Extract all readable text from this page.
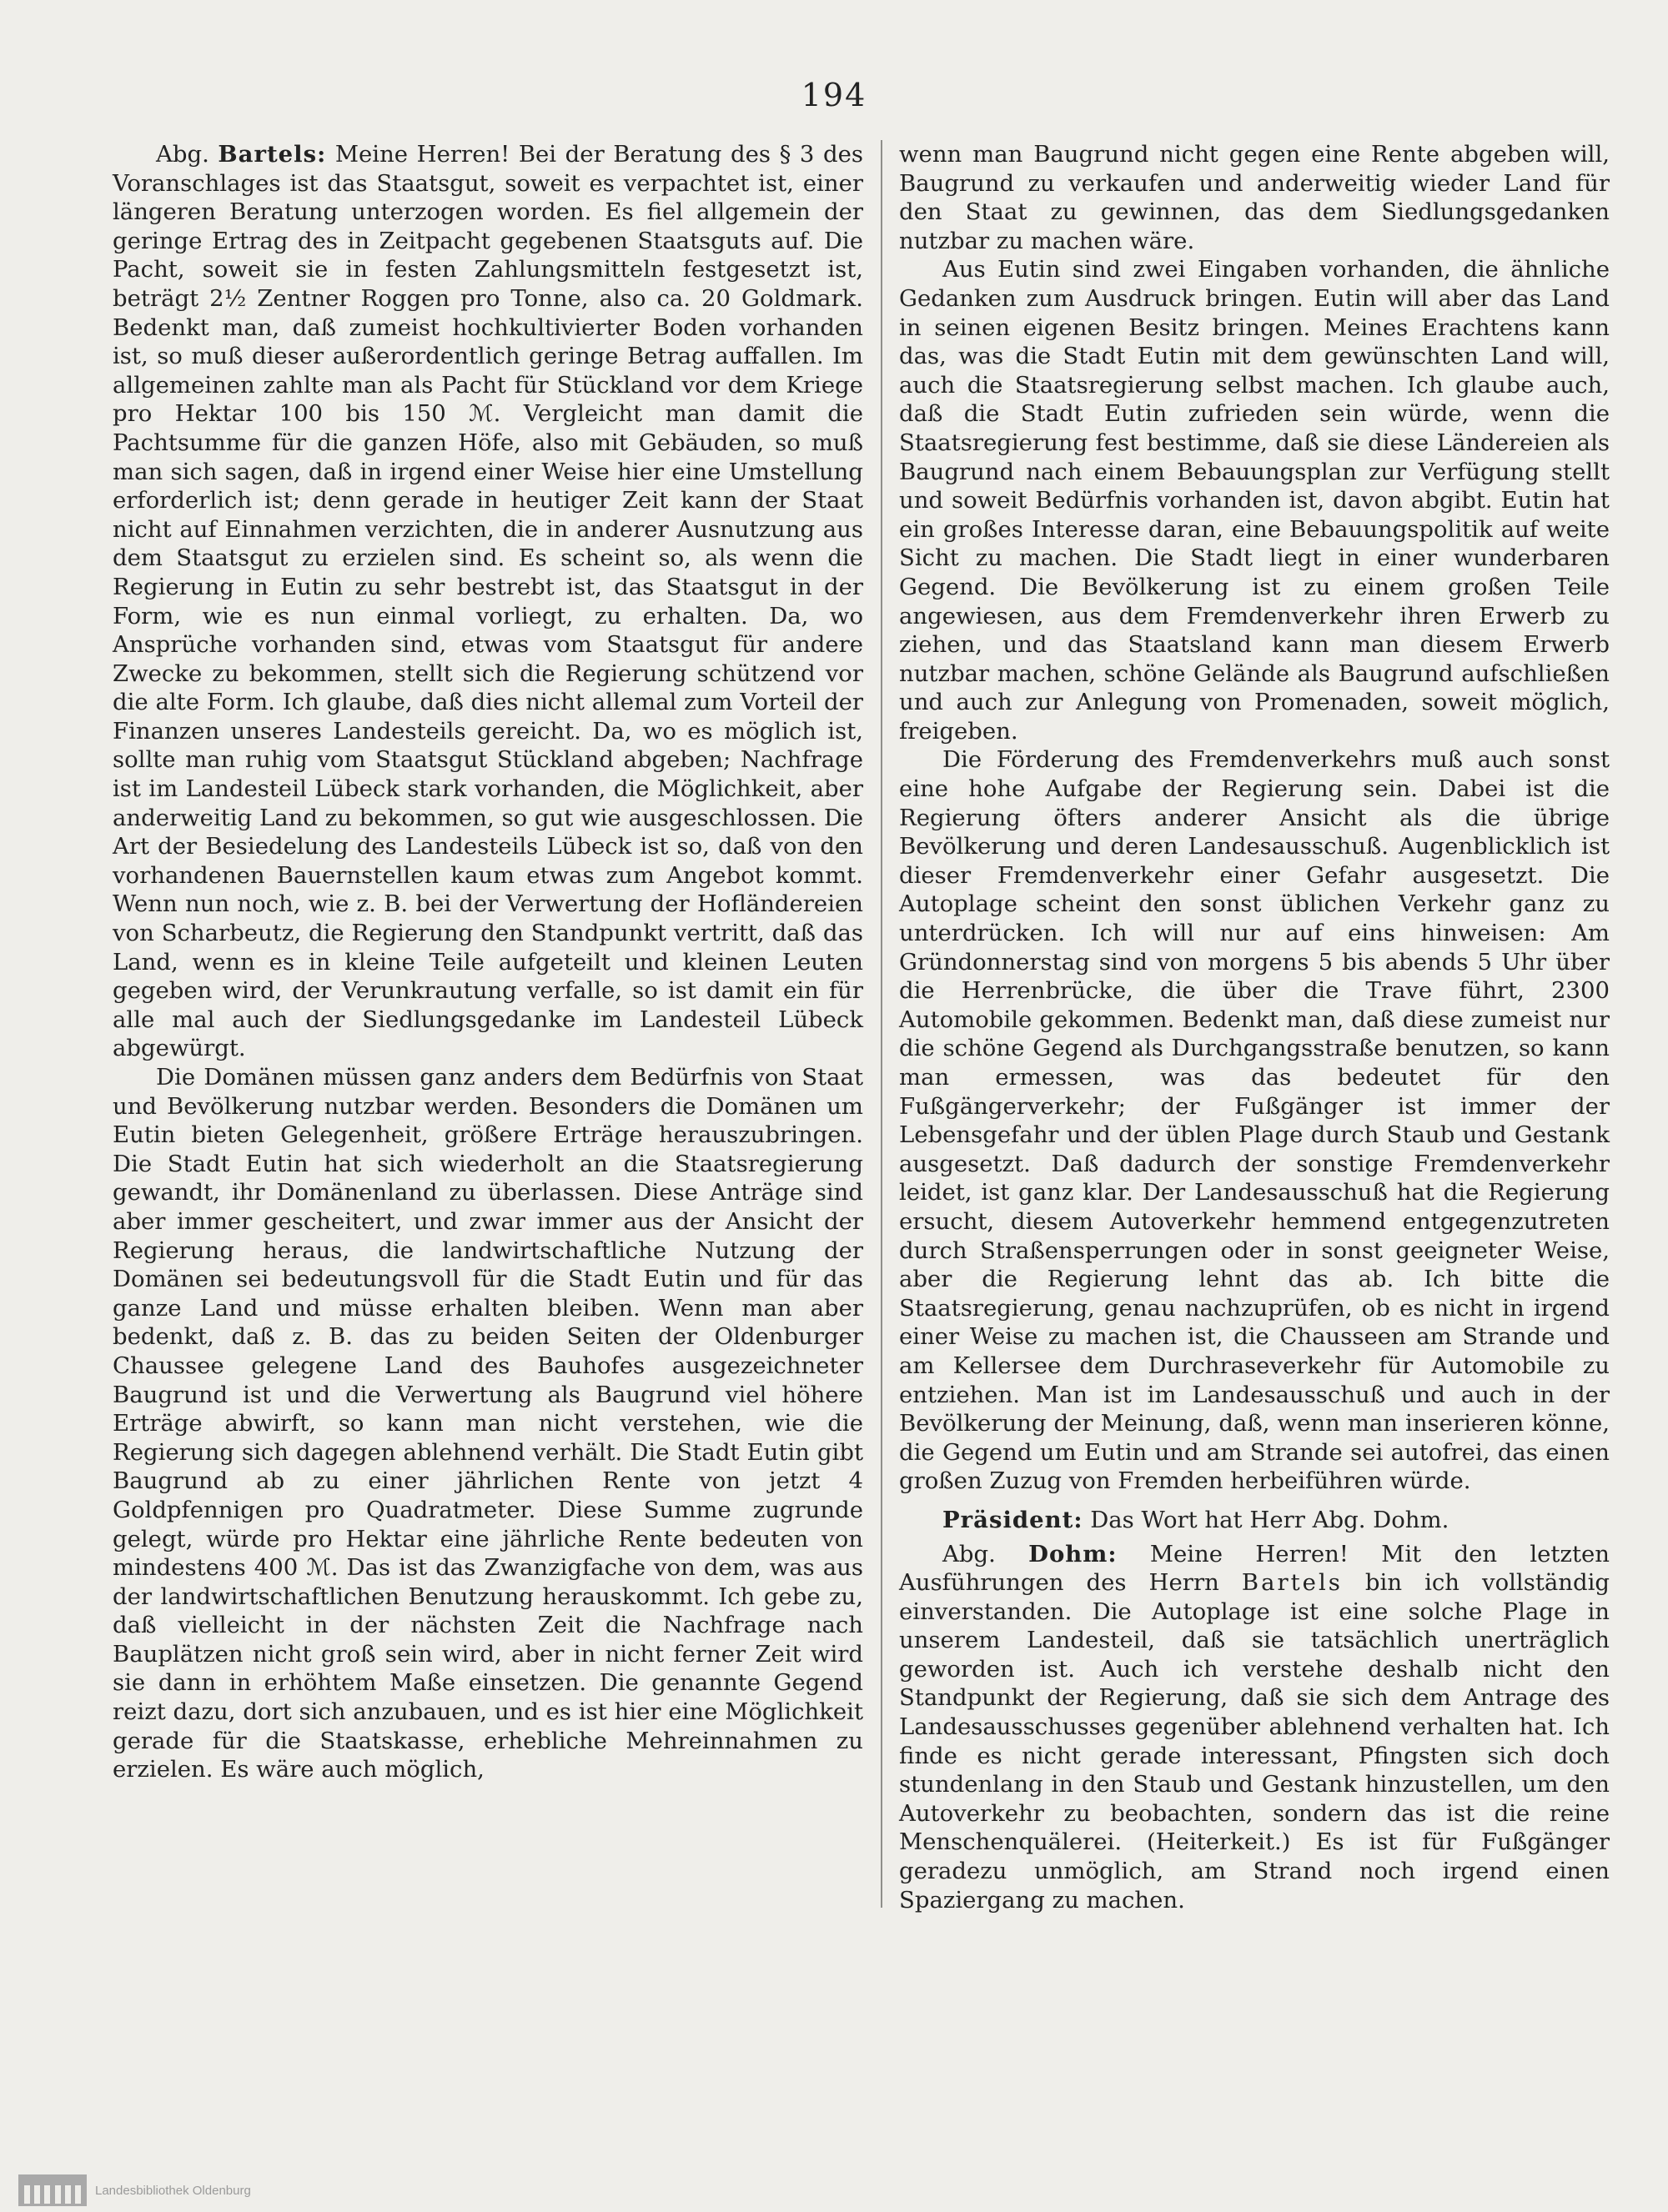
194

Abg. Bartels: Meine Herren! Bei der Beratung des § 3 des Voranschlages ist das Staatsgut, soweit es verpachtet ist, einer längeren Beratung unterzogen worden. Es fiel allgemein der geringe Ertrag des in Zeitpacht gegebenen Staatsguts auf. Die Pacht, soweit sie in festen Zahlungsmitteln festgesetzt ist, beträgt 2½ Zentner Roggen pro Tonne, also ca. 20 Goldmark. Bedenkt man, daß zumeist hochkultivierter Boden vorhanden ist, so muß dieser außerordentlich geringe Betrag auffallen. Im allgemeinen zahlte man als Pacht für Stückland vor dem Kriege pro Hektar 100 bis 150 ℳ. Vergleicht man damit die Pachtsumme für die ganzen Höfe, also mit Gebäuden, so muß man sich sagen, daß in irgend einer Weise hier eine Umstellung erforderlich ist; denn gerade in heutiger Zeit kann der Staat nicht auf Einnahmen verzichten, die in anderer Ausnutzung aus dem Staatsgut zu erzielen sind. Es scheint so, als wenn die Regierung in Eutin zu sehr bestrebt ist, das Staatsgut in der Form, wie es nun einmal vorliegt, zu erhalten. Da, wo Ansprüche vorhanden sind, etwas vom Staatsgut für andere Zwecke zu bekommen, stellt sich die Regierung schützend vor die alte Form. Ich glaube, daß dies nicht allemal zum Vorteil der Finanzen unseres Landesteils gereicht. Da, wo es möglich ist, sollte man ruhig vom Staatsgut Stückland abgeben; Nachfrage ist im Landesteil Lübeck stark vorhanden, die Möglichkeit, aber anderweitig Land zu bekommen, so gut wie ausgeschlossen. Die Art der Besiedelung des Landesteils Lübeck ist so, daß von den vorhandenen Bauernstellen kaum etwas zum Angebot kommt. Wenn nun noch, wie z. B. bei der Verwertung der Hofländereien von Scharbeutz, die Regierung den Standpunkt vertritt, daß das Land, wenn es in kleine Teile aufgeteilt und kleinen Leuten gegeben wird, der Verunkrautung verfalle, so ist damit ein für alle mal auch der Siedlungsgedanke im Landesteil Lübeck abgewürgt.

Die Domänen müssen ganz anders dem Bedürfnis von Staat und Bevölkerung nutzbar werden. Besonders die Domänen um Eutin bieten Gelegenheit, größere Erträge herauszubringen. Die Stadt Eutin hat sich wiederholt an die Staatsregierung gewandt, ihr Domänenland zu überlassen. Diese Anträge sind aber immer gescheitert, und zwar immer aus der Ansicht der Regierung heraus, die landwirtschaftliche Nutzung der Domänen sei bedeutungsvoll für die Stadt Eutin und für das ganze Land und müsse erhalten bleiben. Wenn man aber bedenkt, daß z. B. das zu beiden Seiten der Oldenburger Chaussee gelegene Land des Bauhofes ausgezeichneter Baugrund ist und die Verwertung als Baugrund viel höhere Erträge abwirft, so kann man nicht verstehen, wie die Regierung sich dagegen ablehnend verhält. Die Stadt Eutin gibt Baugrund ab zu einer jährlichen Rente von jetzt 4 Goldpfennigen pro Quadratmeter. Diese Summe zugrunde gelegt, würde pro Hektar eine jährliche Rente bedeuten von mindestens 400 ℳ. Das ist das Zwanzigfache von dem, was aus der landwirtschaftlichen Benutzung herauskommt. Ich gebe zu, daß vielleicht in der nächsten Zeit die Nachfrage nach Bauplätzen nicht groß sein wird, aber in nicht ferner Zeit wird sie dann in erhöhtem Maße einsetzen. Die genannte Gegend reizt dazu, dort sich anzubauen, und es ist hier eine Möglichkeit gerade für die Staatskasse, erhebliche Mehreinnahmen zu erzielen. Es wäre auch möglich,

wenn man Baugrund nicht gegen eine Rente abgeben will, Baugrund zu verkaufen und anderweitig wieder Land für den Staat zu gewinnen, das dem Siedlungsgedanken nutzbar zu machen wäre.

Aus Eutin sind zwei Eingaben vorhanden, die ähnliche Gedanken zum Ausdruck bringen. Eutin will aber das Land in seinen eigenen Besitz bringen. Meines Erachtens kann das, was die Stadt Eutin mit dem gewünschten Land will, auch die Staatsregierung selbst machen. Ich glaube auch, daß die Stadt Eutin zufrieden sein würde, wenn die Staatsregierung fest bestimme, daß sie diese Ländereien als Baugrund nach einem Bebauungsplan zur Verfügung stellt und soweit Bedürfnis vorhanden ist, davon abgibt. Eutin hat ein großes Interesse daran, eine Bebauungspolitik auf weite Sicht zu machen. Die Stadt liegt in einer wunderbaren Gegend. Die Bevölkerung ist zu einem großen Teile angewiesen, aus dem Fremdenverkehr ihren Erwerb zu ziehen, und das Staatsland kann man diesem Erwerb nutzbar machen, schöne Gelände als Baugrund aufschließen und auch zur Anlegung von Promenaden, soweit möglich, freigeben.

Die Förderung des Fremdenverkehrs muß auch sonst eine hohe Aufgabe der Regierung sein. Dabei ist die Regierung öfters anderer Ansicht als die übrige Bevölkerung und deren Landesausschuß. Augenblicklich ist dieser Fremdenverkehr einer Gefahr ausgesetzt. Die Autoplage scheint den sonst üblichen Verkehr ganz zu unterdrücken. Ich will nur auf eins hinweisen: Am Gründonnerstag sind von morgens 5 bis abends 5 Uhr über die Herrenbrücke, die über die Trave führt, 2300 Automobile gekommen. Bedenkt man, daß diese zumeist nur die schöne Gegend als Durchgangsstraße benutzen, so kann man ermessen, was das bedeutet für den Fußgängerverkehr; der Fußgänger ist immer der Lebensgefahr und der üblen Plage durch Staub und Gestank ausgesetzt. Daß dadurch der sonstige Fremdenverkehr leidet, ist ganz klar. Der Landesausschuß hat die Regierung ersucht, diesem Autoverkehr hemmend entgegenzutreten durch Straßensperrungen oder in sonst geeigneter Weise, aber die Regierung lehnt das ab. Ich bitte die Staatsregierung, genau nachzuprüfen, ob es nicht in irgend einer Weise zu machen ist, die Chausseen am Strande und am Kellersee dem Durchraseverkehr für Automobile zu entziehen. Man ist im Landesausschuß und auch in der Bevölkerung der Meinung, daß, wenn man inserieren könne, die Gegend um Eutin und am Strande sei autofrei, das einen großen Zuzug von Fremden herbeiführen würde.

Präsident: Das Wort hat Herr Abg. Dohm.

Abg. Dohm: Meine Herren! Mit den letzten Ausführungen des Herrn Bartels bin ich vollständig einverstanden. Die Autoplage ist eine solche Plage in unserem Landesteil, daß sie tatsächlich unerträglich geworden ist. Auch ich verstehe deshalb nicht den Standpunkt der Regierung, daß sie sich dem Antrage des Landesausschusses gegenüber ablehnend verhalten hat. Ich finde es nicht gerade interessant, Pfingsten sich doch stundenlang in den Staub und Gestank hinzustellen, um den Autoverkehr zu beobachten, sondern das ist die reine Menschenquälerei. (Heiterkeit.) Es ist für Fußgänger geradezu unmöglich, am Strand noch irgend einen Spaziergang zu machen.

Landesbibliothek Oldenburg
